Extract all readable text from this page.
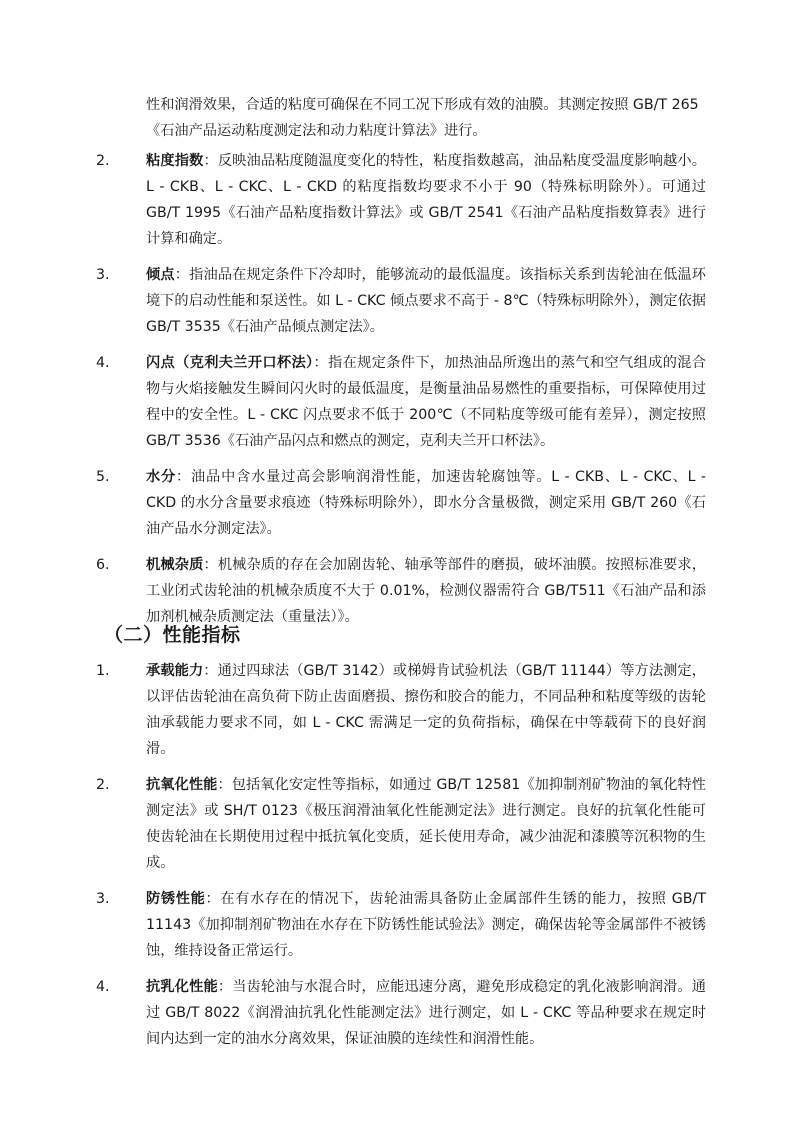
性和润滑效果，合适的粘度可确保在不同工况下形成有效的油膜。其测定按照 GB/T 265《石油产品运动粘度测定法和动力粘度计算法》进行。

2.	粘度指数：反映油品粘度随温度变化的特性，粘度指数越高，油品粘度受温度影响越小。L - CKB、L - CKC、L - CKD 的粘度指数均要求不小于 90（特殊标明除外）。可通过 GB/T 1995《石油产品粘度指数计算法》或 GB/T 2541《石油产品粘度指数算表》进行计算和确定。
3.	倾点：指油品在规定条件下冷却时，能够流动的最低温度。该指标关系到齿轮油在低温环境下的启动性能和泵送性。如 L - CKC 倾点要求不高于 - 8℃（特殊标明除外），测定依据 GB/T 3535《石油产品倾点测定法》。
4.	闪点（克利夫兰开口杯法）：指在规定条件下，加热油品所逸出的蒸气和空气组成的混合物与火焰接触发生瞬间闪火时的最低温度，是衡量油品易燃性的重要指标，可保障使用过程中的安全性。L - CKC 闪点要求不低于 200℃（不同粘度等级可能有差异），测定按照 GB/T 3536《石油产品闪点和燃点的测定，克利夫兰开口杯法》。
5.	水分：油品中含水量过高会影响润滑性能，加速齿轮腐蚀等。L - CKB、L - CKC、L - CKD 的水分含量要求痕迹（特殊标明除外），即水分含量极微，测定采用 GB/T 260《石油产品水分测定法》。
6.	机械杂质：机械杂质的存在会加剧齿轮、轴承等部件的磨损，破坏油膜。按照标准要求，工业闭式齿轮油的机械杂质度不大于 0.01%，检测仪器需符合 GB/T511《石油产品和添加剂机械杂质测定法（重量法）》。
（二）性能指标
1.	承载能力：通过四球法（GB/T 3142）或梯姆肯试验机法（GB/T 11144）等方法测定，以评估齿轮油在高负荷下防止齿面磨损、擦伤和胶合的能力，不同品种和粘度等级的齿轮油承载能力要求不同，如 L - CKC 需满足一定的负荷指标，确保在中等载荷下的良好润滑。
2.	抗氧化性能：包括氧化安定性等指标，如通过 GB/T 12581《加抑制剂矿物油的氧化特性测定法》或 SH/T 0123《极压润滑油氧化性能测定法》进行测定。良好的抗氧化性能可使齿轮油在长期使用过程中抵抗氧化变质，延长使用寿命，减少油泥和漆膜等沉积物的生成。
3.	防锈性能：在有水存在的情况下，齿轮油需具备防止金属部件生锈的能力，按照 GB/T 11143《加抑制剂矿物油在水存在下防锈性能试验法》测定，确保齿轮等金属部件不被锈蚀，维持设备正常运行。
4.	抗乳化性能：当齿轮油与水混合时，应能迅速分离，避免形成稳定的乳化液影响润滑。通过 GB/T 8022《润滑油抗乳化性能测定法》进行测定，如 L - CKC 等品种要求在规定时间内达到一定的油水分离效果，保证油膜的连续性和润滑性能。
